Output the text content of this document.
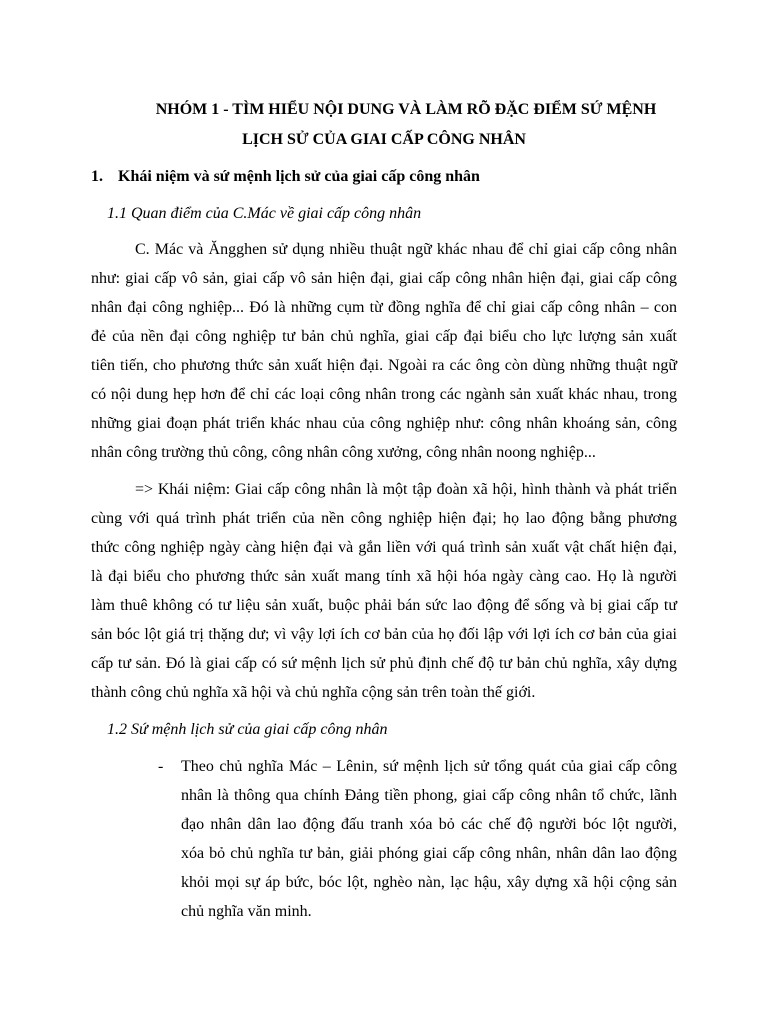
NHÓM 1 - TÌM HIỂU NỘI DUNG VÀ LÀM RÕ ĐẶC ĐIỂM SỨ MỆNH
LỊCH SỬ CỦA GIAI CẤP CÔNG NHÂN
1. Khái niệm và sứ mệnh lịch sử của giai cấp công nhân
1.1 Quan điểm của C.Mác về giai cấp công nhân
C. Mác và Ăngghen sử dụng nhiều thuật ngữ khác nhau để chỉ giai cấp công nhân
như: giai cấp vô sản, giai cấp vô sản hiện đại, giai cấp công nhân hiện đại, giai cấp công
nhân đại công nghiệp... Đó là những cụm từ đồng nghĩa để chỉ giai cấp công nhân – con
đẻ của nền đại công nghiệp tư bản chủ nghĩa, giai cấp đại biểu cho lực lượng sản xuất
tiên tiến, cho phương thức sản xuất hiện đại. Ngoài ra các ông còn dùng những thuật ngữ
có nội dung hẹp hơn để chỉ các loại công nhân trong các ngành sản xuất khác nhau, trong
những giai đoạn phát triển khác nhau của công nghiệp như: công nhân khoáng sản, công
nhân công trường thủ công, công nhân công xưởng, công nhân noong nghiệp...
=> Khái niệm: Giai cấp công nhân là một tập đoàn xã hội, hình thành và phát triển
cùng với quá trình phát triển của nền công nghiệp hiện đại; họ lao động bằng phương
thức công nghiệp ngày càng hiện đại và gắn liền với quá trình sản xuất vật chất hiện đại,
là đại biểu cho phương thức sản xuất mang tính xã hội hóa ngày càng cao. Họ là người
làm thuê không có tư liệu sản xuất, buộc phải bán sức lao động để sống và bị giai cấp tư
sản bóc lột giá trị thặng dư; vì vậy lợi ích cơ bản của họ đối lập với lợi ích cơ bản của giai
cấp tư sản. Đó là giai cấp có sứ mệnh lịch sử phủ định chế độ tư bản chủ nghĩa, xây dựng
thành công chủ nghĩa xã hội và chủ nghĩa cộng sản trên toàn thế giới.
1.2 Sứ mệnh lịch sử của giai cấp công nhân
- Theo chủ nghĩa Mác – Lênin, sứ mệnh lịch sử tổng quát của giai cấp công
nhân là thông qua chính Đảng tiền phong, giai cấp công nhân tổ chức, lãnh
đạo nhân dân lao động đấu tranh xóa bỏ các chế độ người bóc lột người,
xóa bỏ chủ nghĩa tư bản, giải phóng giai cấp công nhân, nhân dân lao động
khỏi mọi sự áp bức, bóc lột, nghèo nàn, lạc hậu, xây dựng xã hội cộng sản
chủ nghĩa văn minh.
